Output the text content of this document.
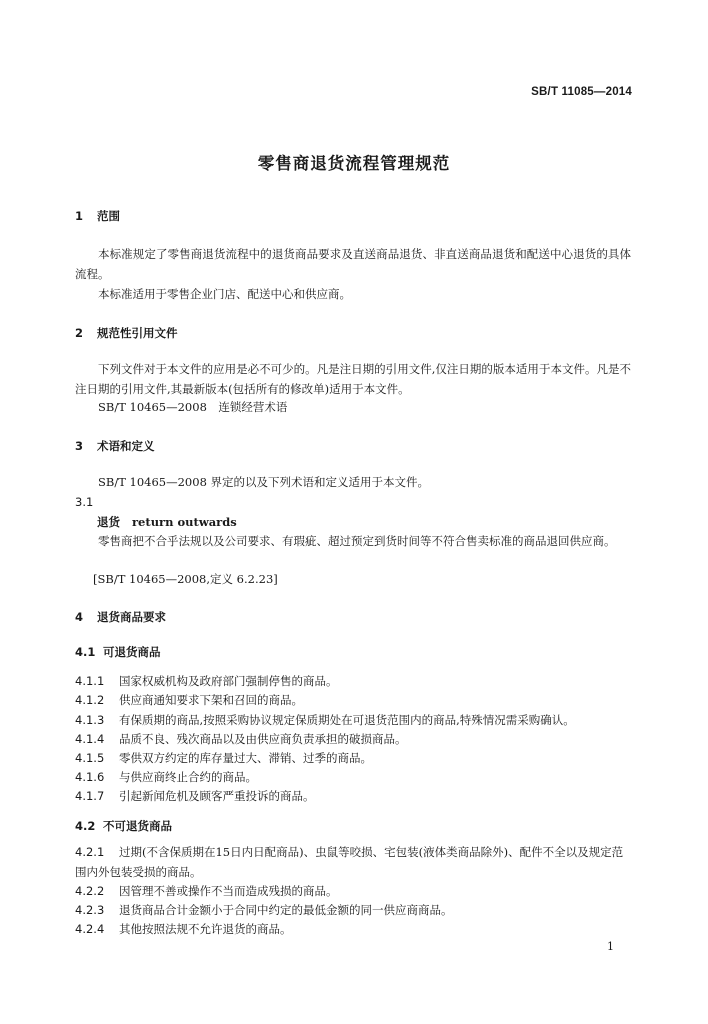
SB/T 11085—2014
零售商退货流程管理规范
1 范围
本标准规定了零售商退货流程中的退货商品要求及直送商品退货、非直送商品退货和配送中心退货的具体流程。
本标准适用于零售企业门店、配送中心和供应商。
2 规范性引用文件
下列文件对于本文件的应用是必不可少的。凡是注日期的引用文件,仅注日期的版本适用于本文件。凡是不注日期的引用文件,其最新版本(包括所有的修改单)适用于本文件。
SB/T 10465—2008　连锁经营术语
3 术语和定义
SB/T 10465—2008 界定的以及下列术语和定义适用于本文件。
3.1
退货 return outwards
零售商把不合乎法规以及公司要求、有瑕疵、超过预定到货时间等不符合售卖标准的商品退回供应商。
[SB/T 10465—2008,定义 6.2.23]
4 退货商品要求
4.1 可退货商品
4.1.1 国家权威机构及政府部门强制停售的商品。
4.1.2 供应商通知要求下架和召回的商品。
4.1.3 有保质期的商品,按照采购协议规定保质期处在可退货范围内的商品,特殊情况需采购确认。
4.1.4 品质不良、残次商品以及由供应商负责承担的破损商品。
4.1.5 零供双方约定的库存量过大、滞销、过季的商品。
4.1.6 与供应商终止合约的商品。
4.1.7 引起新闻危机及顾客严重投诉的商品。
4.2 不可退货商品
4.2.1 过期(不含保质期在15日内日配商品)、虫鼠等咬损、宅包装(液体类商品除外)、配件不全以及规定范围内外包装受损的商品。
4.2.2 因管理不善或操作不当而造成残损的商品。
4.2.3 退货商品合计金额小于合同中约定的最低金额的同一供应商商品。
4.2.4 其他按照法规不允许退货的商品。
1
